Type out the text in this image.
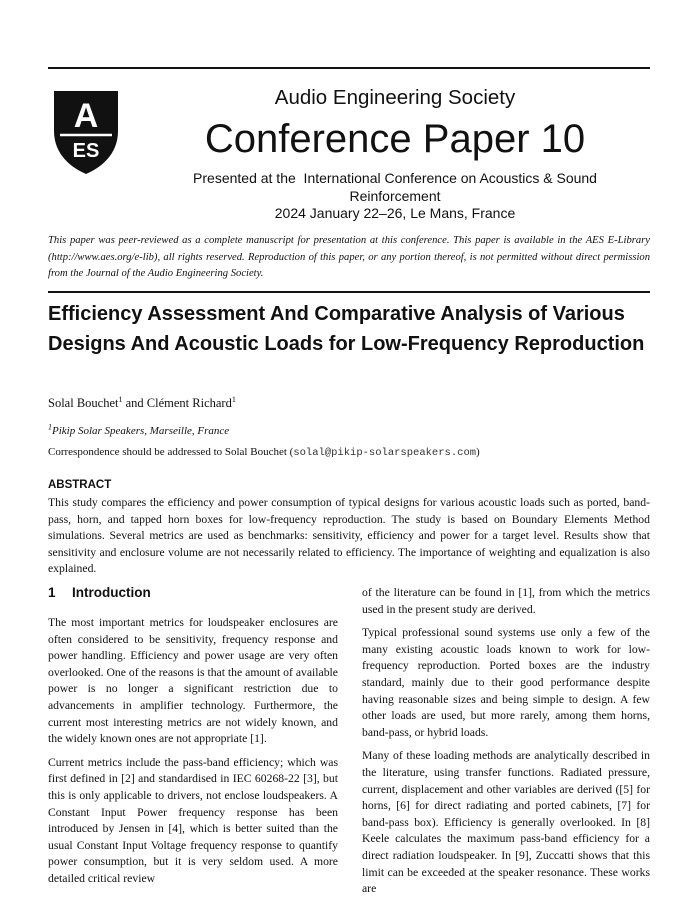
A
ES
Audio Engineering Society
Conference Paper 10
Presented at the  International Conference on Acoustics & Sound
Reinforcement
2024 January 22–26, Le Mans, France
This paper was peer-reviewed as a complete manuscript for presentation at this conference. This paper is available in the AES E-Library (http://www.aes.org/e-lib), all rights reserved. Reproduction of this paper, or any portion thereof, is not permitted without direct permission from the Journal of the Audio Engineering Society.
Efficiency Assessment And Comparative Analysis of Various Designs And Acoustic Loads for Low-Frequency Reproduction
Solal Bouchet$^1$ and Clément Richard$^1$
$^1$Pikip Solar Speakers, Marseille, France
Correspondence should be addressed to Solal Bouchet (solal@pikip-solarspeakers.com)
ABSTRACT
This study compares the efficiency and power consumption of typical designs for various acoustic loads such as ported, band-pass, horn, and tapped horn boxes for low-frequency reproduction. The study is based on Boundary Elements Method simulations. Several metrics are used as benchmarks: sensitivity, efficiency and power for a target level. Results show that sensitivity and enclosure volume are not necessarily related to efficiency. The importance of weighting and equalization is also explained.
1 Introduction

The most important metrics for loudspeaker enclosures are often considered to be sensitivity, frequency response and power handling. Efficiency and power usage are very often overlooked. One of the reasons is that the amount of available power is no longer a significant restriction due to advancements in amplifier technology. Furthermore, the current most interesting metrics are not widely known, and the widely known ones are not appropriate [1].

Current metrics include the pass-band efficiency; which was first defined in [2] and standardised in IEC 60268-22 [3], but this is only applicable to drivers, not enclose loudspeakers. A Constant Input Power frequency response has been introduced by Jensen in [4], which is better suited than the usual Constant Input Voltage frequency response to quantify power consumption, but it is very seldom used. A more detailed critical review

of the literature can be found in [1], from which the metrics used in the present study are derived.

Typical professional sound systems use only a few of the many existing acoustic loads known to work for low-frequency reproduction. Ported boxes are the industry standard, mainly due to their good performance despite having reasonable sizes and being simple to design. A few other loads are used, but more rarely, among them horns, band-pass, or hybrid loads.

Many of these loading methods are analytically described in the literature, using transfer functions. Radiated pressure, current, displacement and other variables are derived ([5] for horns, [6] for direct radiating and ported cabinets, [7] for band-pass box). Efficiency is generally overlooked. In [8] Keele calculates the maximum pass-band efficiency for a direct radiation loudspeaker. In [9], Zuccatti shows that this limit can be exceeded at the speaker resonance. These works are
